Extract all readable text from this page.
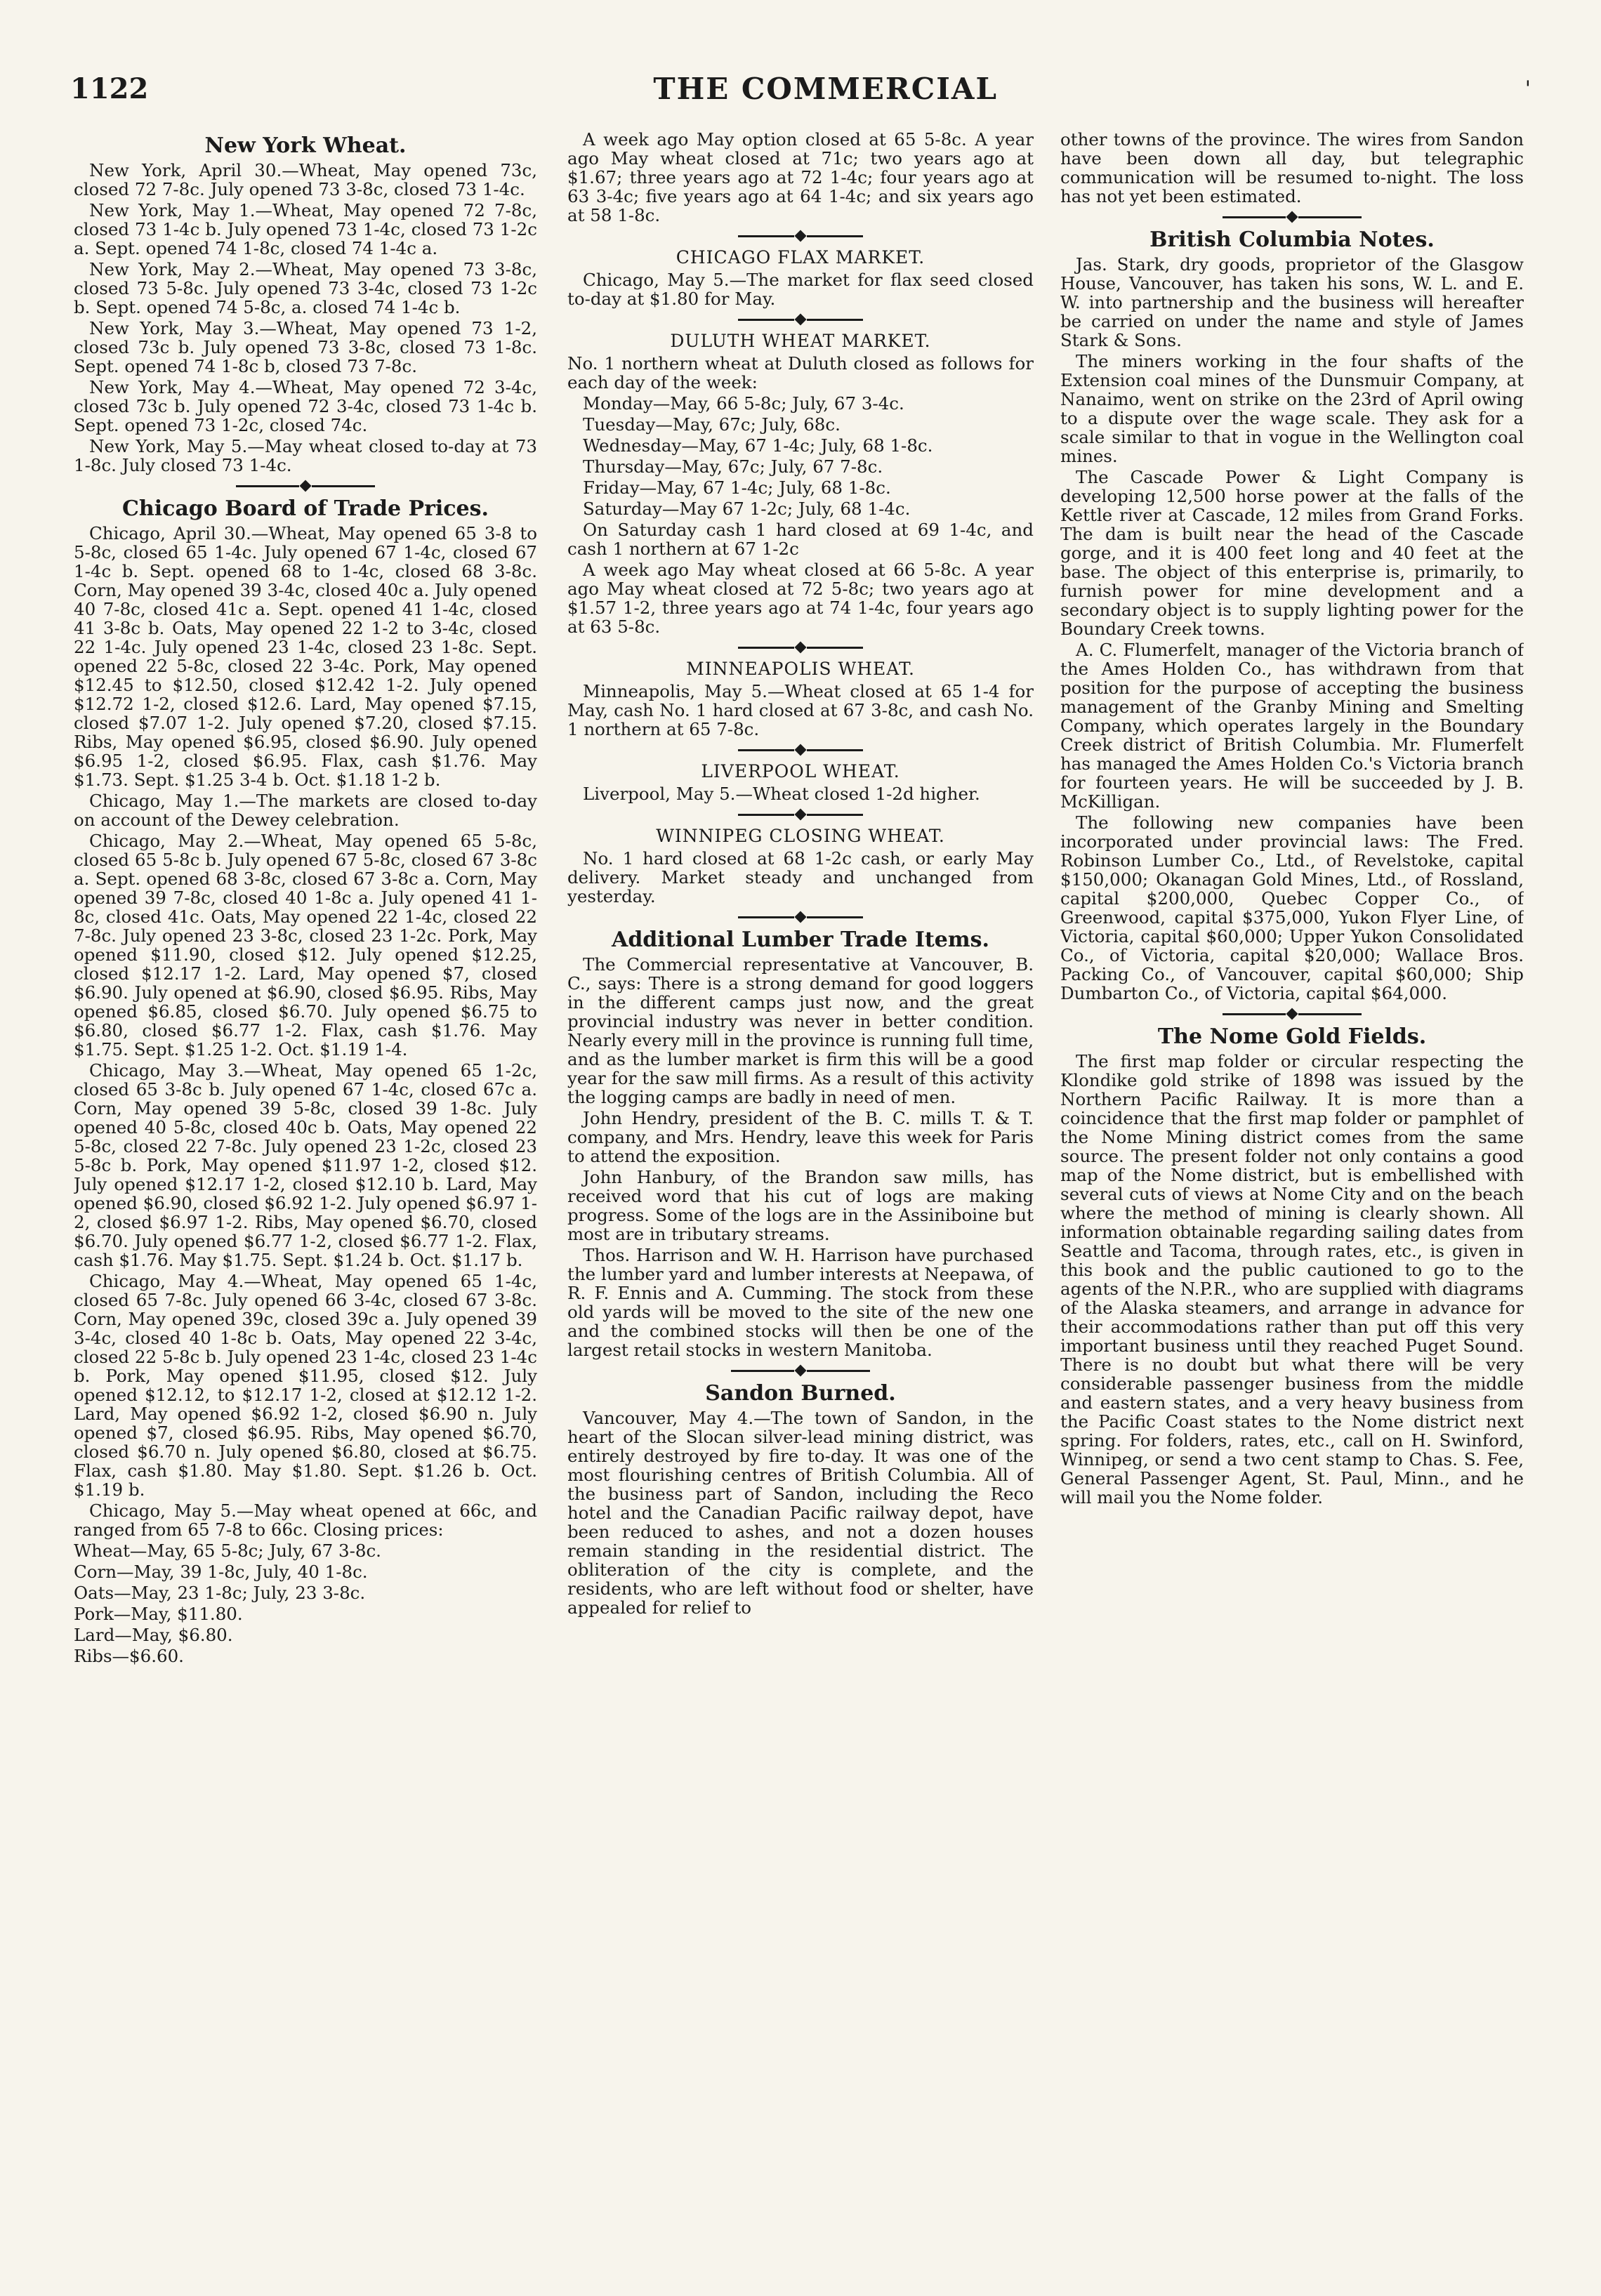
1122	THE COMMERCIAL	'
New York Wheat.

New York, April 30.—Wheat, May opened 73c, closed 72 7-8c. July opened 73 3-8c, closed 73 1-4c.

New York, May 1.—Wheat, May opened 72 7-8c, closed 73 1-4c b. July opened 73 1-4c, closed 73 1-2c a. Sept. opened 74 1-8c, closed 74 1-4c a.

New York, May 2.—Wheat, May opened 73 3-8c, closed 73 5-8c. July opened 73 3-4c, closed 73 1-2c b. Sept. opened 74 5-8c, a. closed 74 1-4c b.

New York, May 3.—Wheat, May opened 73 1-2, closed 73c b. July opened 73 3-8c, closed 73 1-8c. Sept. opened 74 1-8c b, closed 73 7-8c.

New York, May 4.—Wheat, May opened 72 3-4c, closed 73c b. July opened 72 3-4c, closed 73 1-4c b. Sept. opened 73 1-2c, closed 74c.

New York, May 5.—May wheat closed to-day at 73 1-8c. July closed 73 1-4c.

Chicago Board of Trade Prices.

Chicago, April 30.—Wheat, May opened 65 3-8 to 5-8c, closed 65 1-4c. July opened 67 1-4c, closed 67 1-4c b. Sept. opened 68 to 1-4c, closed 68 3-8c. Corn, May opened 39 3-4c, closed 40c a. July opened 40 7-8c, closed 41c a. Sept. opened 41 1-4c, closed 41 3-8c b. Oats, May opened 22 1-2 to 3-4c, closed 22 1-4c. July opened 23 1-4c, closed 23 1-8c. Sept. opened 22 5-8c, closed 22 3-4c. Pork, May opened $12.45 to $12.50, closed $12.42 1-2. July opened $12.72 1-2, closed $12.6. Lard, May opened $7.15, closed $7.07 1-2. July opened $7.20, closed $7.15. Ribs, May opened $6.95, closed $6.90. July opened $6.95 1-2, closed $6.95. Flax, cash $1.76. May $1.73. Sept. $1.25 3-4 b. Oct. $1.18 1-2 b.

Chicago, May 1.—The markets are closed to-day on account of the Dewey celebration.

Chicago, May 2.—Wheat, May opened 65 5-8c, closed 65 5-8c b. July opened 67 5-8c, closed 67 3-8c a. Sept. opened 68 3-8c, closed 67 3-8c a. Corn, May opened 39 7-8c, closed 40 1-8c a. July opened 41 1-8c, closed 41c. Oats, May opened 22 1-4c, closed 22 7-8c. July opened 23 3-8c, closed 23 1-2c. Pork, May opened $11.90, closed $12. July opened $12.25, closed $12.17 1-2. Lard, May opened $7, closed $6.90. July opened at $6.90, closed $6.95. Ribs, May opened $6.85, closed $6.70. July opened $6.75 to $6.80, closed $6.77 1-2. Flax, cash $1.76. May $1.75. Sept. $1.25 1-2. Oct. $1.19 1-4.

Chicago, May 3.—Wheat, May opened 65 1-2c, closed 65 3-8c b. July opened 67 1-4c, closed 67c a. Corn, May opened 39 5-8c, closed 39 1-8c. July opened 40 5-8c, closed 40c b. Oats, May opened 22 5-8c, closed 22 7-8c. July opened 23 1-2c, closed 23 5-8c b. Pork, May opened $11.97 1-2, closed $12. July opened $12.17 1-2, closed $12.10 b. Lard, May opened $6.90, closed $6.92 1-2. July opened $6.97 1-2, closed $6.97 1-2. Ribs, May opened $6.70, closed $6.70. July opened $6.77 1-2, closed $6.77 1-2. Flax, cash $1.76. May $1.75. Sept. $1.24 b. Oct. $1.17 b.

Chicago, May 4.—Wheat, May opened 65 1-4c, closed 65 7-8c. July opened 66 3-4c, closed 67 3-8c. Corn, May opened 39c, closed 39c a. July opened 39 3-4c, closed 40 1-8c b. Oats, May opened 22 3-4c, closed 22 5-8c b. July opened 23 1-4c, closed 23 1-4c b. Pork, May opened $11.95, closed $12. July opened $12.12, to $12.17 1-2, closed at $12.12 1-2. Lard, May opened $6.92 1-2, closed $6.90 n. July opened $7, closed $6.95. Ribs, May opened $6.70, closed $6.70 n. July opened $6.80, closed at $6.75. Flax, cash $1.80. May $1.80. Sept. $1.26 b. Oct. $1.19 b.

Chicago, May 5.—May wheat opened at 66c, and ranged from 65 7-8 to 66c. Closing prices:

Wheat—May, 65 5-8c; July, 67 3-8c.

Corn—May, 39 1-8c, July, 40 1-8c.

Oats—May, 23 1-8c; July, 23 3-8c.

Pork—May, $11.80.

Lard—May, $6.80.

Ribs—$6.60.

A week ago May option closed at 65 5-8c. A year ago May wheat closed at 71c; two years ago at $1.67; three years ago at 72 1-4c; four years ago at 63 3-4c; five years ago at 64 1-4c; and six years ago at 58 1-8c.

CHICAGO FLAX MARKET.

Chicago, May 5.—The market for flax seed closed to-day at $1.80 for May.

DULUTH WHEAT MARKET.

No. 1 northern wheat at Duluth closed as follows for each day of the week:

Monday—May, 66 5-8c; July, 67 3-4c.

Tuesday—May, 67c; July, 68c.

Wednesday—May, 67 1-4c; July, 68 1-8c.

Thursday—May, 67c; July, 67 7-8c.

Friday—May, 67 1-4c; July, 68 1-8c.

Saturday—May 67 1-2c; July, 68 1-4c.

On Saturday cash 1 hard closed at 69 1-4c, and cash 1 northern at 67 1-2c

A week ago May wheat closed at 66 5-8c. A year ago May wheat closed at 72 5-8c; two years ago at $1.57 1-2, three years ago at 74 1-4c, four years ago at 63 5-8c.

MINNEAPOLIS WHEAT.

Minneapolis, May 5.—Wheat closed at 65 1-4 for May, cash No. 1 hard closed at 67 3-8c, and cash No. 1 northern at 65 7-8c.

LIVERPOOL WHEAT.

Liverpool, May 5.—Wheat closed 1-2d higher.

WINNIPEG CLOSING WHEAT.

No. 1 hard closed at 68 1-2c cash, or early May delivery. Market steady and unchanged from yesterday.

Additional Lumber Trade Items.

The Commercial representative at Vancouver, B. C., says: There is a strong demand for good loggers in the different camps just now, and the great provincial industry was never in better condition. Nearly every mill in the province is running full time, and as the lumber market is firm this will be a good year for the saw mill firms. As a result of this activity the logging camps are badly in need of men.

John Hendry, president of the B. C. mills T. & T. company, and Mrs. Hendry, leave this week for Paris to attend the exposition.

John Hanbury, of the Brandon saw mills, has received word that his cut of logs are making progress. Some of the logs are in the Assiniboine but most are in tributary streams.

Thos. Harrison and W. H. Harrison have purchased the lumber yard and lumber interests at Neepawa, of R. F. Ennis and A. Cumming. The stock from these old yards will be moved to the site of the new one and the combined stocks will then be one of the largest retail stocks in western Manitoba.

Sandon Burned.

Vancouver, May 4.—The town of Sandon, in the heart of the Slocan silver-lead mining district, was entirely destroyed by fire to-day. It was one of the most flourishing centres of British Columbia. All of the business part of Sandon, including the Reco hotel and the Canadian Pacific railway depot, have been reduced to ashes, and not a dozen houses remain standing in the residential district. The obliteration of the city is complete, and the residents, who are left without food or shelter, have appealed for relief to

other towns of the province. The wires from Sandon have been down all day, but telegraphic communication will be resumed to-night. The loss has not yet been estimated.

British Columbia Notes.

Jas. Stark, dry goods, proprietor of the Glasgow House, Vancouver, has taken his sons, W. L. and E. W. into partnership and the business will hereafter be carried on under the name and style of James Stark & Sons.

The miners working in the four shafts of the Extension coal mines of the Dunsmuir Company, at Nanaimo, went on strike on the 23rd of April owing to a dispute over the wage scale. They ask for a scale similar to that in vogue in the Wellington coal mines.

The Cascade Power & Light Company is developing 12,500 horse power at the falls of the Kettle river at Cascade, 12 miles from Grand Forks. The dam is built near the head of the Cascade gorge, and it is 400 feet long and 40 feet at the base. The object of this enterprise is, primarily, to furnish power for mine development and a secondary object is to supply lighting power for the Boundary Creek towns.

A. C. Flumerfelt, manager of the Victoria branch of the Ames Holden Co., has withdrawn from that position for the purpose of accepting the business management of the Granby Mining and Smelting Company, which operates largely in the Boundary Creek district of British Columbia. Mr. Flumerfelt has managed the Ames Holden Co.'s Victoria branch for fourteen years. He will be succeeded by J. B. McKilligan.

The following new companies have been incorporated under provincial laws: The Fred. Robinson Lumber Co., Ltd., of Revelstoke, capital $150,000; Okanagan Gold Mines, Ltd., of Rossland, capital $200,000, Quebec Copper Co., of Greenwood, capital $375,000, Yukon Flyer Line, of Victoria, capital $60,000; Upper Yukon Consolidated Co., of Victoria, capital $20,000; Wallace Bros. Packing Co., of Vancouver, capital $60,000; Ship Dumbarton Co., of Victoria, capital $64,000.

The Nome Gold Fields.

The first map folder or circular respecting the Klondike gold strike of 1898 was issued by the Northern Pacific Railway. It is more than a coincidence that the first map folder or pamphlet of the Nome Mining district comes from the same source. The present folder not only contains a good map of the Nome district, but is embellished with several cuts of views at Nome City and on the beach where the method of mining is clearly shown. All information obtainable regarding sailing dates from Seattle and Tacoma, through rates, etc., is given in this book and the public cautioned to go to the agents of the N.P.R., who are supplied with diagrams of the Alaska steamers, and arrange in advance for their accommodations rather than put off this very important business until they reached Puget Sound. There is no doubt but what there will be very considerable passenger business from the middle and eastern states, and a very heavy business from the Pacific Coast states to the Nome district next spring. For folders, rates, etc., call on H. Swinford, Winnipeg, or send a two cent stamp to Chas. S. Fee, General Passenger Agent, St. Paul, Minn., and he will mail you the Nome folder.
